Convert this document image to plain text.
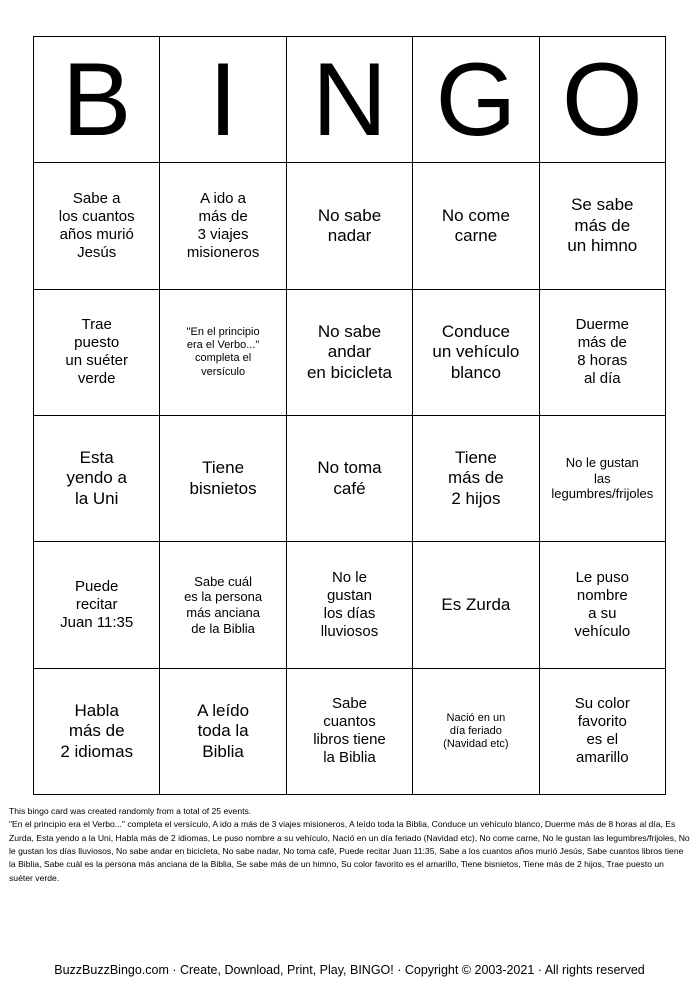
B I N G O
Sabe a
los cuantos
años murió
Jesús
A ido a
más de
3 viajes
misioneros
No sabe
nadar
No come
carne
Se sabe
más de
un himno
Trae
puesto
un suéter
verde
"En el principio
era el Verbo..."
completa el
versículo
No sabe
andar
en bicicleta
Conduce
un vehículo
blanco
Duerme
más de
8 horas
al día
Esta
yendo a
la Uni
Tiene
bisnietos
No toma
café
Tiene
más de
2 hijos
No le gustan
las
legumbres/frijoles
Puede
recitar
Juan 11:35
Sabe cuál
es la persona
más anciana
de la Biblia
No le
gustan
los días
lluviosos
Es Zurda
Le puso
nombre
a su
vehículo
Habla
más de
2 idiomas
A leído
toda la
Biblia
Sabe
cuantos
libros tiene
la Biblia
Nació en un
día feriado
(Navidad etc)
Su color
favorito
es el
amarillo
This bingo card was created randomly from a total of 25 events.
"En el principio era el Verbo..." completa el versículo, A ido a más de 3 viajes misioneros, A leído toda la Biblia, Conduce un vehículo blanco, Duerme más de 8 horas al día, Es Zurda, Esta yendo a la Uni, Habla más de 2 idiomas, Le puso nombre a su vehículo, Nació en un día feriado (Navidad etc), No come carne, No le gustan las legumbres/frijoles, No le gustan los días lluviosos, No sabe andar en bicicleta, No sabe nadar, No toma café, Puede recitar Juan 11:35, Sabe a los cuantos años murió Jesús, Sabe cuantos libros tiene la Biblia, Sabe cuál es la persona más anciana de la Biblia, Se sabe más de un himno, Su color favorito es el amarillo, Tiene bisnietos, Tiene más de 2 hijos, Trae puesto un suéter verde.
BuzzBuzzBingo.com · Create, Download, Print, Play, BINGO! · Copyright © 2003-2021 · All rights reserved
